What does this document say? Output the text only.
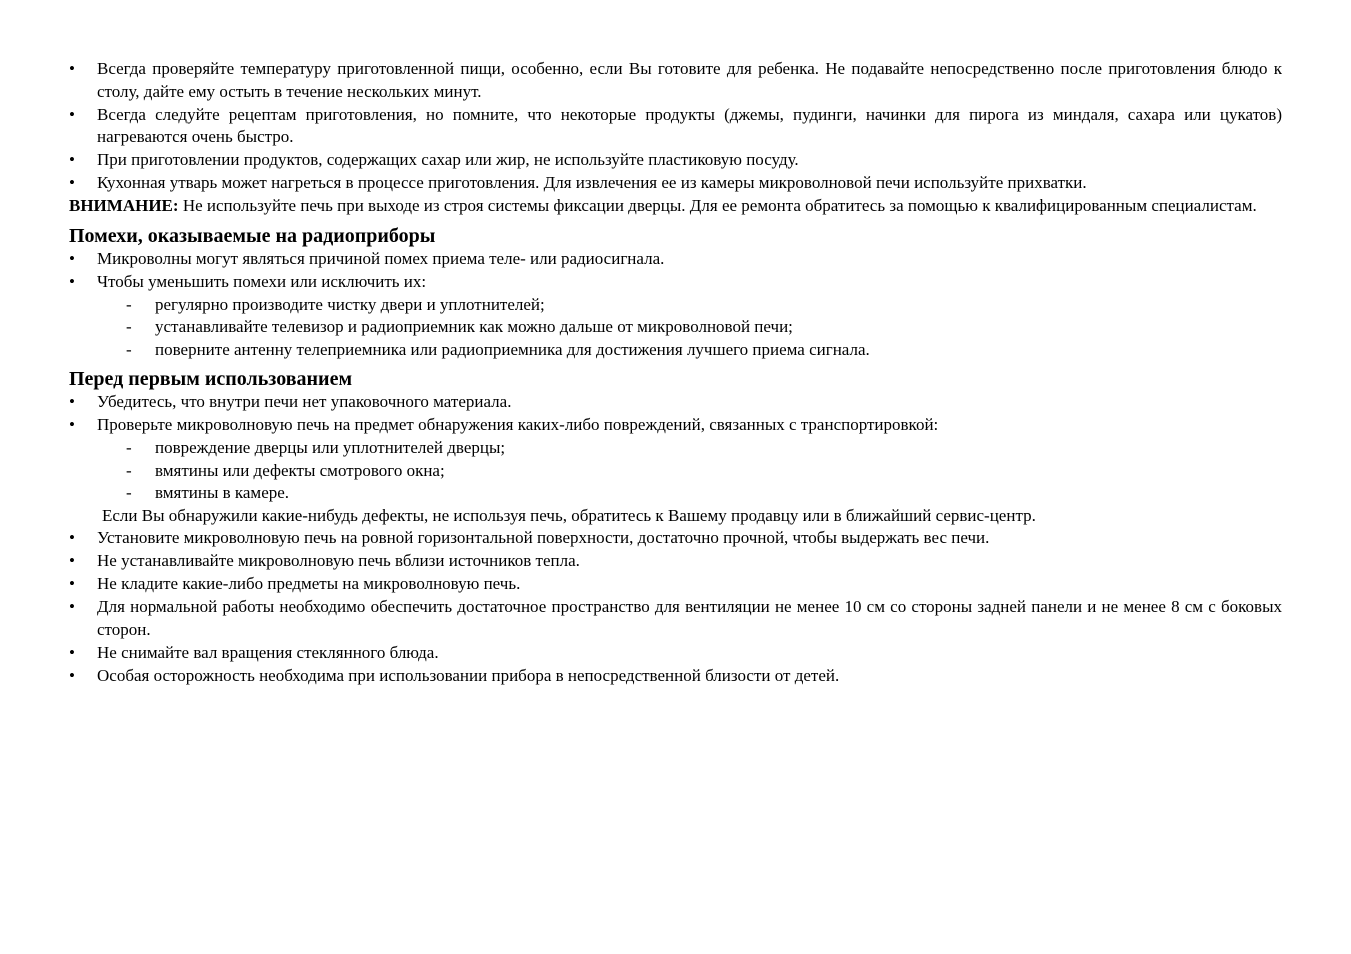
• Всегда проверяйте температуру приготовленной пищи, особенно, если Вы готовите для ребенка. Не подавайте непосредственно после приготовления блюдо к столу, дайте ему остыть в течение нескольких минут.
• Всегда следуйте рецептам приготовления, но помните, что некоторые продукты (джемы, пудинги, начинки для пирога из миндаля, сахара или цукатов) нагреваются очень быстро.
• При приготовлении продуктов, содержащих сахар или жир, не используйте пластиковую посуду.
• Кухонная утварь может нагреться в процессе приготовления. Для извлечения ее из камеры микроволновой печи используйте прихватки.

ВНИМАНИЕ: Не используйте печь при выходе из строя системы фиксации дверцы. Для ее ремонта обратитесь за помощью к квалифицированным специалистам.

Помехи, оказываемые на радиоприборы
• Микроволны могут являться причиной помех приема теле- или радиосигнала.
• Чтобы уменьшить помехи или исключить их:
- регулярно производите чистку двери и уплотнителей;
- устанавливайте телевизор и радиоприемник как можно дальше от микроволновой печи;
- поверните антенну телеприемника или радиоприемника для достижения лучшего приема сигнала.
Перед первым использованием
• Убедитесь, что внутри печи нет упаковочного материала.
• Проверьте микроволновую печь на предмет обнаружения каких-либо повреждений, связанных с транспортировкой:
- повреждение дверцы или уплотнителей дверцы;
- вмятины или дефекты смотрового окна;
- вмятины в камере.

Если Вы обнаружили какие-нибудь дефекты, не используя печь, обратитесь к Вашему продавцу или в ближайший сервис-центр.

• Установите микроволновую печь на ровной горизонтальной поверхности, достаточно прочной, чтобы выдержать вес печи.
• Не устанавливайте микроволновую печь вблизи источников тепла.
• Не кладите какие-либо предметы на микроволновую печь.
• Для нормальной работы необходимо обеспечить достаточное пространство для вентиляции не менее 10 см со стороны задней панели и не менее 8 см с боковых сторон.
• Не снимайте вал вращения стеклянного блюда.
• Особая осторожность необходима при использовании прибора в непосредственной близости от детей.
